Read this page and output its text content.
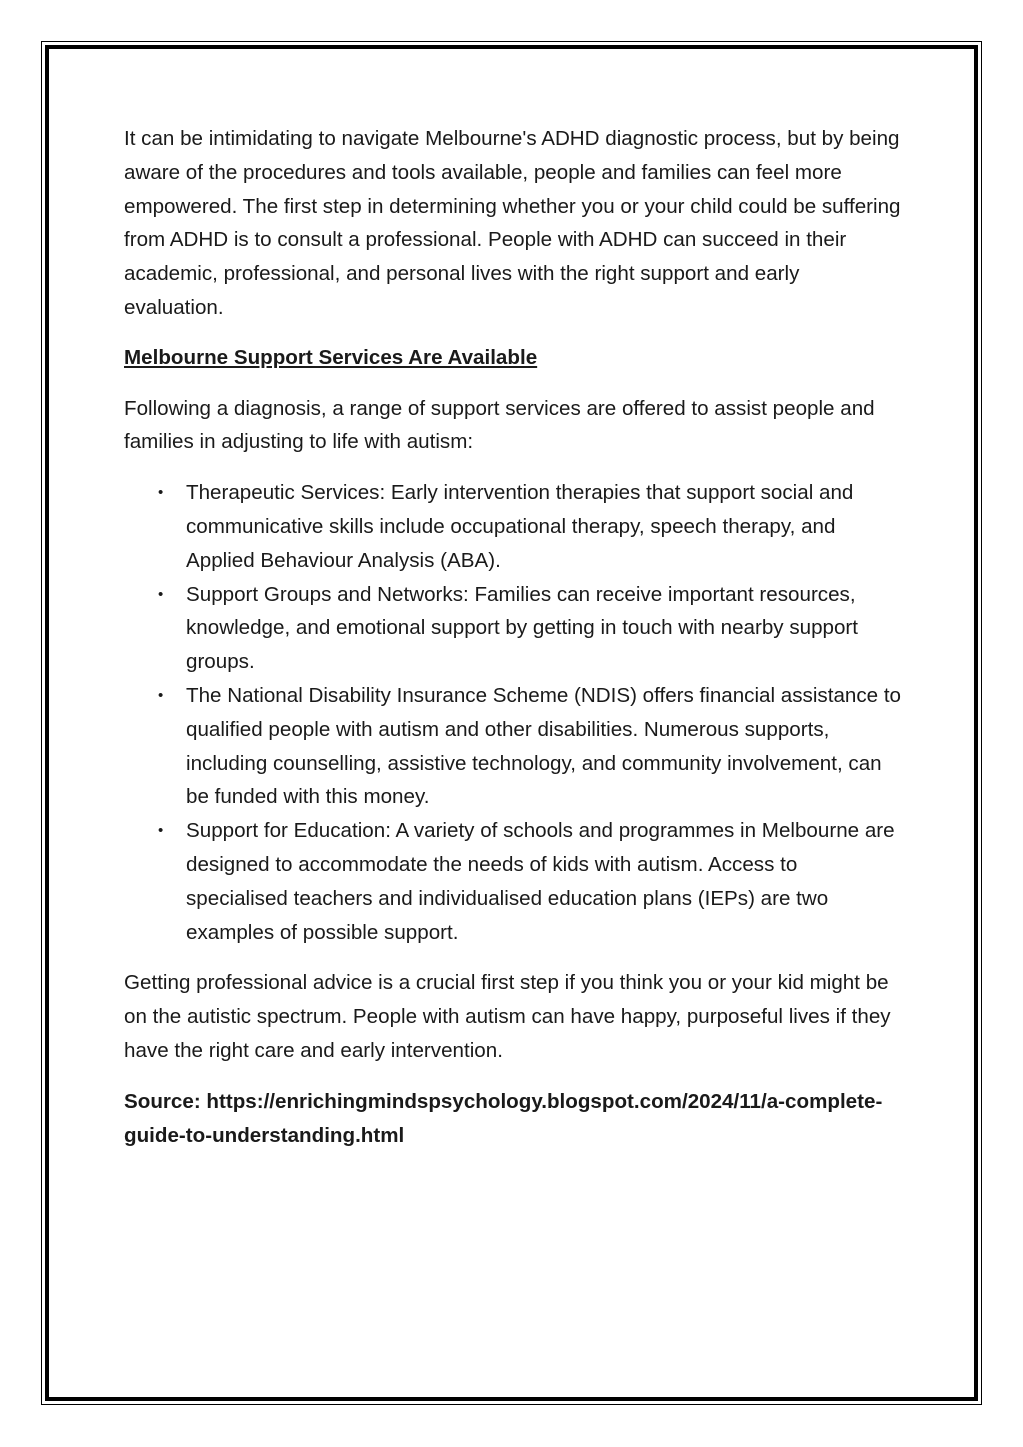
It can be intimidating to navigate Melbourne's ADHD diagnostic process, but by being aware of the procedures and tools available, people and families can feel more empowered. The first step in determining whether you or your child could be suffering from ADHD is to consult a professional. People with ADHD can succeed in their academic, professional, and personal lives with the right support and early evaluation.

Melbourne Support Services Are Available

Following a diagnosis, a range of support services are offered to assist people and families in adjusting to life with autism:

• Therapeutic Services: Early intervention therapies that support social and communicative skills include occupational therapy, speech therapy, and Applied Behaviour Analysis (ABA).
• Support Groups and Networks: Families can receive important resources, knowledge, and emotional support by getting in touch with nearby support groups.
• The National Disability Insurance Scheme (NDIS) offers financial assistance to qualified people with autism and other disabilities. Numerous supports, including counselling, assistive technology, and community involvement, can be funded with this money.
• Support for Education: A variety of schools and programmes in Melbourne are designed to accommodate the needs of kids with autism. Access to specialised teachers and individualised education plans (IEPs) are two examples of possible support.

Getting professional advice is a crucial first step if you think you or your kid might be on the autistic spectrum. People with autism can have happy, purposeful lives if they have the right care and early intervention.

Source: https://enrichingmindspsychology.blogspot.com/2024/11/a-complete-guide-to-understanding.html
